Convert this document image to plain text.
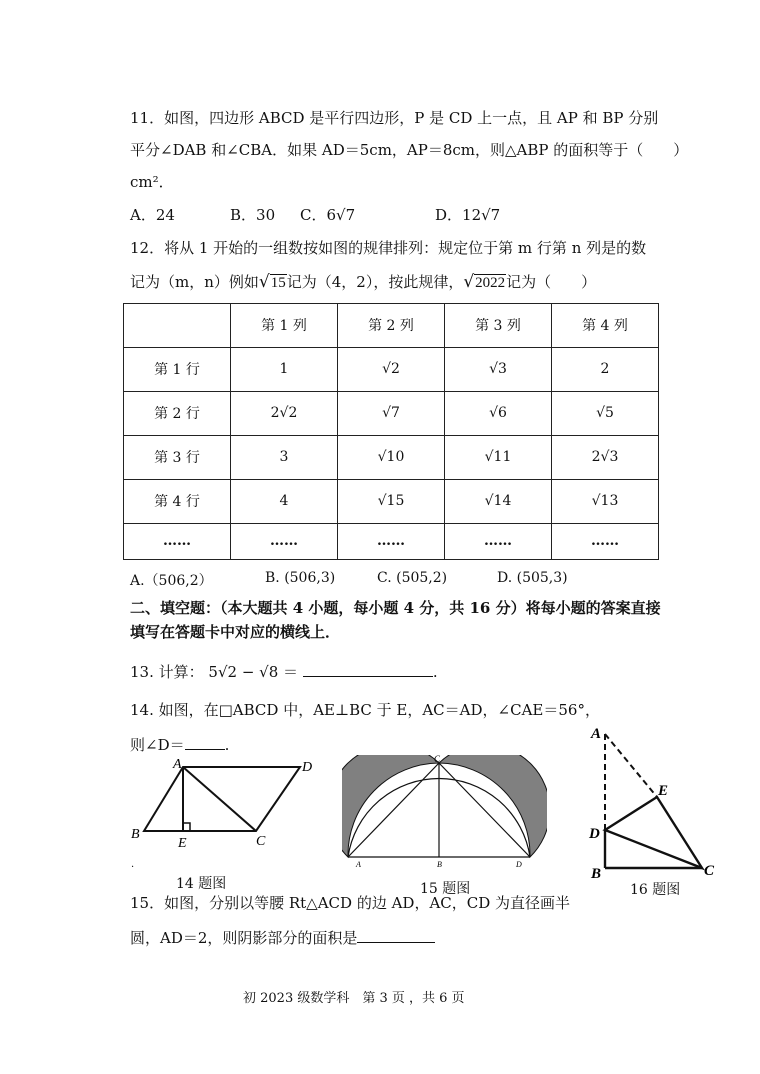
11．如图，四边形 ABCD 是平行四边形，P 是 CD 上一点，且 AP 和 BP 分别
平分∠DAB 和∠CBA．如果 AD＝5cm，AP＝8cm，则△ABP 的面积等于（　　）
cm²．
A．24	B．30 C．6√7	D．12√7
12．将从 1 开始的一组数按如图的规律排列：规定位于第 m 行第 n 列是的数
记为（m，n）例如√15记为（4，2），按此规律，√2022记为（　　）
	第 1 列	第 2 列	第 3 列	第 4 列
第 1 行	1	√2	√3	2
第 2 行	2√2	√7	√6	√5
第 3 行	3	√10	√11	2√3
第 4 行	4	√15	√14	√13
……	……	……	……	……
A.（506,2）	B. (506,3)	C. (505,2)	D. (505,3)
二、填空题：（本大题共 4 小题，每小题 4 分，共 16 分）将每小题的答案直接
填写在答题卡中对应的横线上．
13. 计算： 5√2 − √8 ＝	.
14. 如图，在□ABCD 中，AE⊥BC 于 E，AC＝AD，∠CAE＝56°，
则∠D＝	.
A	D
B
E	C
·
14 题图
C
A	B	D
15 题图
A
E
D
B	C
16 题图
15．如图，分别以等腰 Rt△ACD 的边 AD，AC，CD 为直径画半
圆，AD＝2，则阴影部分的面积是
初 2023 级数学科　第 3 页 ，共 6 页
